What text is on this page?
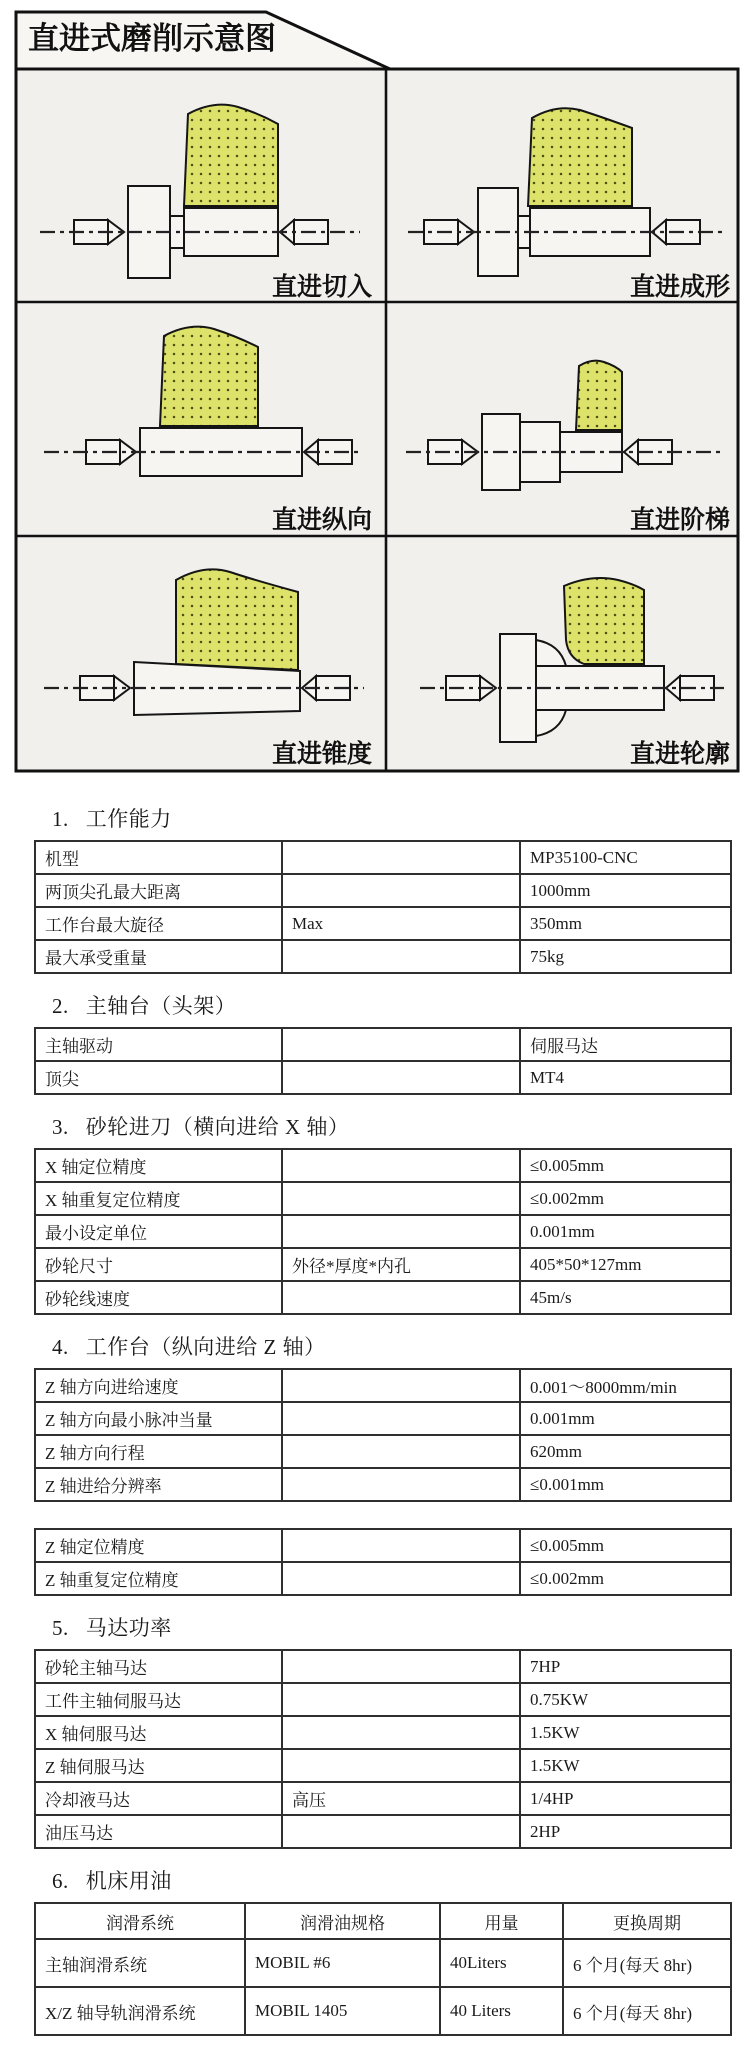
直进式磨削示意图
直进切入	直进成形
直进纵向	直进阶梯
直进锥度	直进轮廓
1. 工作能力
机型		MP35100-CNC
两顶尖孔最大距离		1000mm
工作台最大旋径	Max	350mm
最大承受重量		75kg
2. 主轴台（头架）
主轴驱动		伺服马达
顶尖		MT4
3. 砂轮进刀（横向进给 X 轴）
X 轴定位精度		≤0.005mm
X 轴重复定位精度		≤0.002mm
最小设定单位		0.001mm
砂轮尺寸	外径*厚度*内孔	405*50*127mm
砂轮线速度		45m/s
4. 工作台（纵向进给 Z 轴）
Z 轴方向进给速度		0.001～8000mm/min
Z 轴方向最小脉冲当量		0.001mm
Z 轴方向行程		620mm
Z 轴进给分辨率		≤0.001mm
Z 轴定位精度		≤0.005mm
Z 轴重复定位精度		≤0.002mm
5. 马达功率
砂轮主轴马达		7HP
工件主轴伺服马达		0.75KW
X 轴伺服马达		1.5KW
Z 轴伺服马达		1.5KW
冷却液马达	高压	1/4HP
油压马达		2HP
6. 机床用油
润滑系统	润滑油规格	用量	更换周期
主轴润滑系统	MOBIL #6	40Liters	6 个月(每天 8hr)
X/Z 轴导轨润滑系统	MOBIL 1405	40 Liters	6 个月(每天 8hr)
